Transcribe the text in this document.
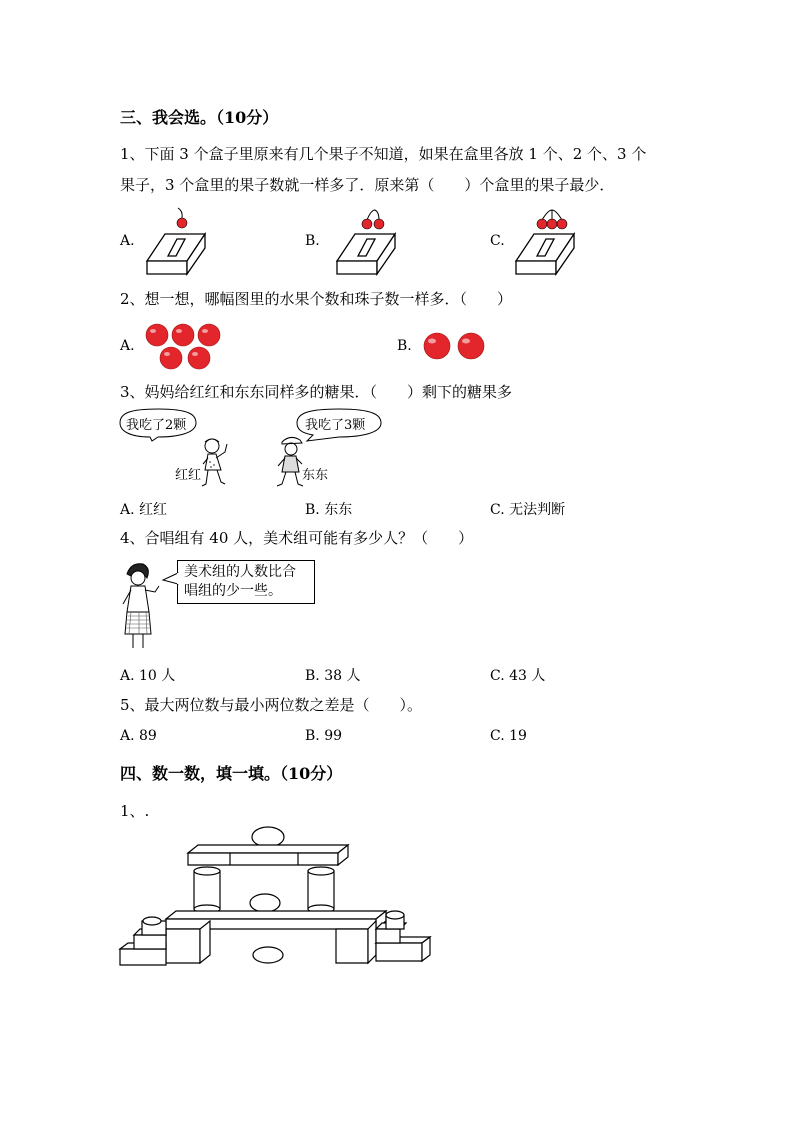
三、我会选。（10分）
1、下面 3 个盒子里原来有几个果子不知道，如果在盒里各放 1 个、2 个、3 个
果子，3 个盒里的果子数就一样多了．原来第（　　）个盒里的果子最少．
A.	B.	C.
2、想一想，哪幅图里的水果个数和珠子数一样多．（　　）
A.	B.
3、妈妈给红红和东东同样多的糖果．（　　）剩下的糖果多
我吃了2颗	我吃了3颗
红红	东东
A. 红红	B. 东东	C. 无法判断
4、合唱组有 40 人，美术组可能有多少人？（　　）
美术组的人数比合
唱组的少一些。
A. 10 人	B. 38 人	C. 43 人
5、最大两位数与最小两位数之差是（　　）。
A. 89	B. 99	C. 19
四、数一数，填一填。（10分）
1、.
